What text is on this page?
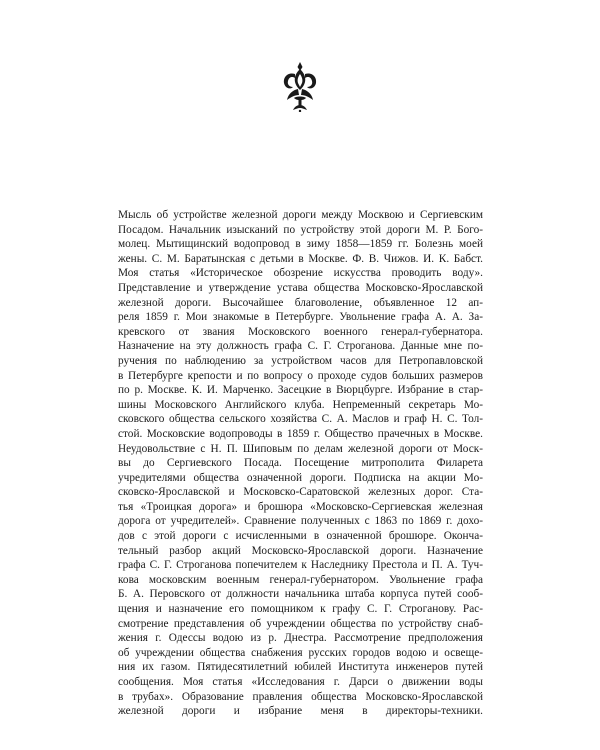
Мысль об устройстве железной дороги между Москвою и Сергиевским
Посадом. Начальник изысканий по устройству этой дороги М. Р. Бого-
молец. Мытищинский водопровод в зиму 1858—1859 гг. Болезнь моей
жены. С. М. Баратынская с детьми в Москве. Ф. В. Чижов. И. К. Бабст.
Моя статья «Историческое обозрение искусства проводить воду».
Представление и утверждение устава общества Московско-Ярославской
железной дороги. Высочайшее благоволение, объявленное 12 ап-
реля 1859 г. Мои знакомые в Петербурге. Увольнение графа А. А. За-
кревского от звания Московского военного генерал-губернатора.
Назначение на эту должность графа С. Г. Строганова. Данные мне по-
ручения по наблюдению за устройством часов для Петропавловской
в Петербурге крепости и по вопросу о проходе судов больших размеров
по р. Москве. К. И. Марченко. Засецкие в Вюрцбурге. Избрание в стар-
шины Московского Английского клуба. Непременный секретарь Мо-
сковского общества сельского хозяйства С. А. Маслов и граф Н. С. Тол-
стой. Московские водопроводы в 1859 г. Общество прачечных в Москве.
Неудовольствие с Н. П. Шиповым по делам железной дороги от Моск-
вы до Сергиевского Посада. Посещение митрополита Филарета
учредителями общества означенной дороги. Подписка на акции Мо-
сковско-Ярославской и Московско-Саратовской железных дорог. Ста-
тья «Троицкая дорога» и брошюра «Московско-Сергиевская железная
дорога от учредителей». Сравнение полученных с 1863 по 1869 г. дохо-
дов с этой дороги с исчисленными в означенной брошюре. Оконча-
тельный разбор акций Московско-Ярославской дороги. Назначение
графа С. Г. Строганова попечителем к Наследнику Престола и П. А. Туч-
кова московским военным генерал-губернатором. Увольнение графа
Б. А. Перовского от должности начальника штаба корпуса путей сооб-
щения и назначение его помощником к графу С. Г. Строганову. Рас-
смотрение представления об учреждении общества по устройству снаб-
жения г. Одессы водою из р. Днестра. Рассмотрение предположения
об учреждении общества снабжения русских городов водою и освеще-
ния их газом. Пятидесятилетний юбилей Института инженеров путей
сообщения. Моя статья «Исследования г. Дарси о движении воды
в трубах». Образование правления общества Московско-Ярославской
железной дороги и избрание меня в директоры-техники.
